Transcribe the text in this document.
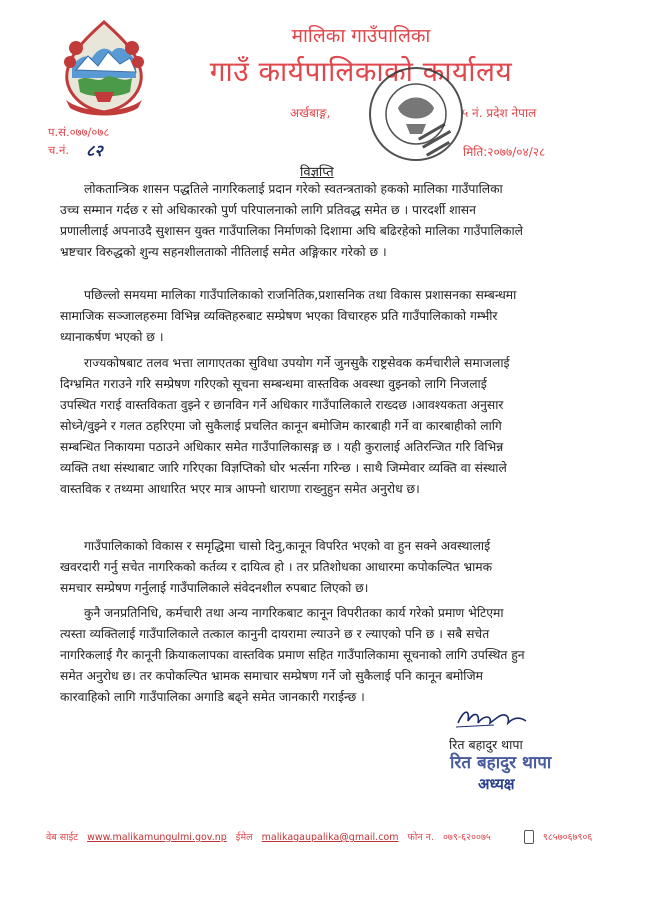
मालिका गाउँपालिका
गाउँ कार्यपालिकाको कार्यालय
अर्खबाङ्ग,	५ नं. प्रदेश नेपाल
प.सं.०७७/०७८
च.नं. ८२	मिति:२०७७/०४/२८
विज्ञप्ति
लोकतान्त्रिक शासन पद्धतिले नागरिकलाई प्रदान गरेको स्वतन्त्रताको हकको मालिका गाउँपालिका
उच्च सम्मान गर्दछ र सो अधिकारको पुर्ण परिपालनाको लागि प्रतिवद्ध समेत छ । पारदर्शी शासन
प्रणालीलाई अपनाउदै सुशासन युक्त गाउँपालिका निर्माणको दिशामा अघि बढिरहेको मालिका गाउँपालिकाले
भ्रष्टचार विरुद्धको शुन्य सहनशीलताको नीतिलाई समेत अङ्गिकार गरेको छ ।
पछिल्लो समयमा मालिका गाउँपालिकाको राजनितिक,प्रशासनिक तथा विकास प्रशासनका सम्बन्धमा
सामाजिक सञ्जालहरुमा विभिन्न व्यक्तिहरुबाट सम्प्रेषण भएका विचारहरु प्रति गाउँपालिकाको गम्भीर
ध्यानाकर्षण भएको छ ।
राज्यकोषबाट तलव भत्ता लागाएतका सुविधा उपयोग गर्ने जुनसुकै राष्ट्रसेवक कर्मचारीले समाजलाई
दिग्भ्रमित गराउने गरि सम्प्रेषण गरिएको सूचना सम्बन्धमा वास्तविक अवस्था वुझ्नको लागि निजलाई
उपस्थित गराई वास्तविकता वुझ्ने र छानविन गर्ने अधिकार गाउँपालिकाले राख्दछ ।आवश्यकता अनुसार
सोध्ने/वुझ्ने र गलत ठहरिएमा जो सुकैलाई प्रचलित कानून बमोजिम कारबाही गर्ने वा कारबाहीको लागि
सम्बन्धित निकायमा पठाउने अधिकार समेत गाउँपालिकासङ्ग छ । यही कुरालाई अतिरन्जित गरि विभिन्न
व्यक्ति तथा संस्थाबाट जारि गरिएका विज्ञप्तिको घोर भर्त्सना गरिन्छ । साथै जिम्मेवार व्यक्ति वा संस्थाले
वास्तविक र तथ्यमा आधारित भएर मात्र आफ्नो धाराणा राख्नुहुन समेत अनुरोध छ।
गाउँपालिकाको विकास र समृद्धिमा चासो दिनु,कानून विपरित भएको वा हुन सक्ने अवस्थालाई
खवरदारी गर्नु सचेत नागरिकको कर्तव्य र दायित्व हो । तर प्रतिशोधका आधारमा कपोकल्पित भ्रामक
समचार सम्प्रेषण गर्नुलाई गाउँपालिकाले संवेदनशील रुपबाट लिएको छ।
कुनै जनप्रतिनिधि, कर्मचारी तथा अन्य नागरिकबाट कानून विपरीतका कार्य गरेको प्रमाण भेटिएमा
त्यस्ता व्यक्तिलाई गाउँपालिकाले तत्काल कानुनी दायरामा ल्याउने छ र ल्याएको पनि छ । सबै सचेत
नागरिकलाई गैर कानूनी क्रियाकलापका वास्तविक प्रमाण सहित गाउँपालिकामा सूचनाको लागि उपस्थित हुन
समेत अनुरोध छ। तर कपोकल्पित भ्रामक समाचार सम्प्रेषण गर्ने जो सुकैलाई पनि कानून बमोजिम
कारवाहिको लागि गाउँपालिका अगाडि बढ्ने समेत जानकारी गराईन्छ ।
रित बहादुर थापा
रित बहादुर थापा
अध्यक्ष
वेब साईट www.malikamungulmi.gov.np ईमेल malikagaupalika@gmail.com फोन न. ०७९-६२००७५	९८५७०६७९०६
